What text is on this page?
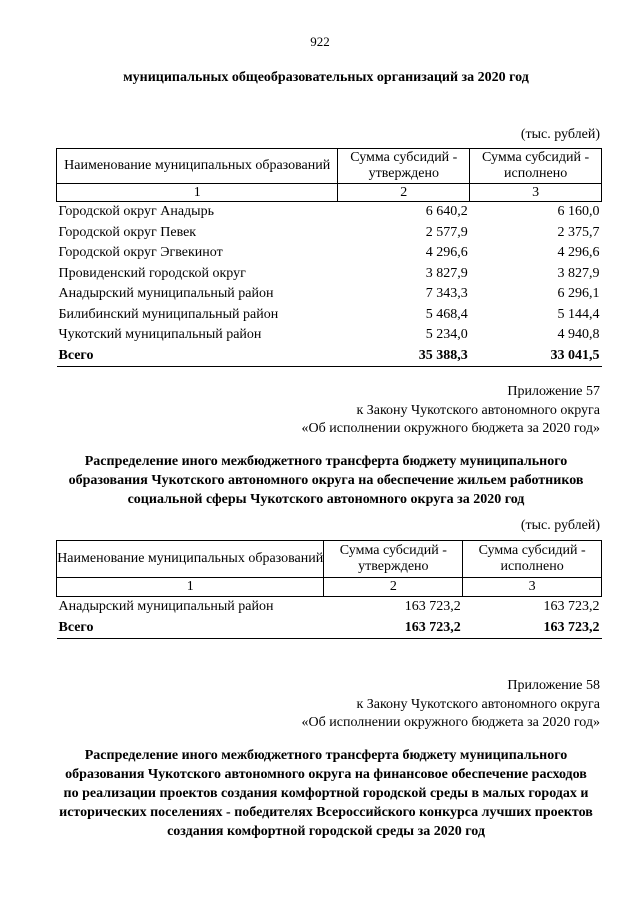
922
муниципальных общеобразовательных организаций за 2020 год
(тыс. рублей)
Наименование муниципальных образований	Сумма субсидий - утверждено	Сумма субсидий - исполнено
1	2	3
Городской округ Анадырь	6 640,2	6 160,0
Городской округ Певек	2 577,9	2 375,7
Городской округ Эгвекинот	4 296,6	4 296,6
Провиденский городской округ	3 827,9	3 827,9
Анадырский муниципальный район	7 343,3	6 296,1
Билибинский муниципальный район	5 468,4	5 144,4
Чукотский муниципальный район	5 234,0	4 940,8
Всего	35 388,3	33 041,5
Приложение 57
к Закону Чукотского автономного округа
«Об исполнении окружного бюджета за 2020 год»
Распределение иного межбюджетного трансферта бюджету муниципального образования Чукотского автономного округа на обеспечение жильем работников социальной сферы Чукотского автономного округа за 2020 год
(тыс. рублей)
Наименование муниципальных образований	Сумма субсидий - утверждено	Сумма субсидий - исполнено
1	2	3
Анадырский муниципальный район	163 723,2	163 723,2
Всего	163 723,2	163 723,2
Приложение 58
к Закону Чукотского автономного округа
«Об исполнении окружного бюджета за 2020 год»
Распределение иного межбюджетного трансферта бюджету муниципального образования Чукотского автономного округа на финансовое обеспечение расходов по реализации проектов создания комфортной городской среды в малых городах и исторических поселениях - победителях Всероссийского конкурса лучших проектов создания комфортной городской среды за 2020 год
